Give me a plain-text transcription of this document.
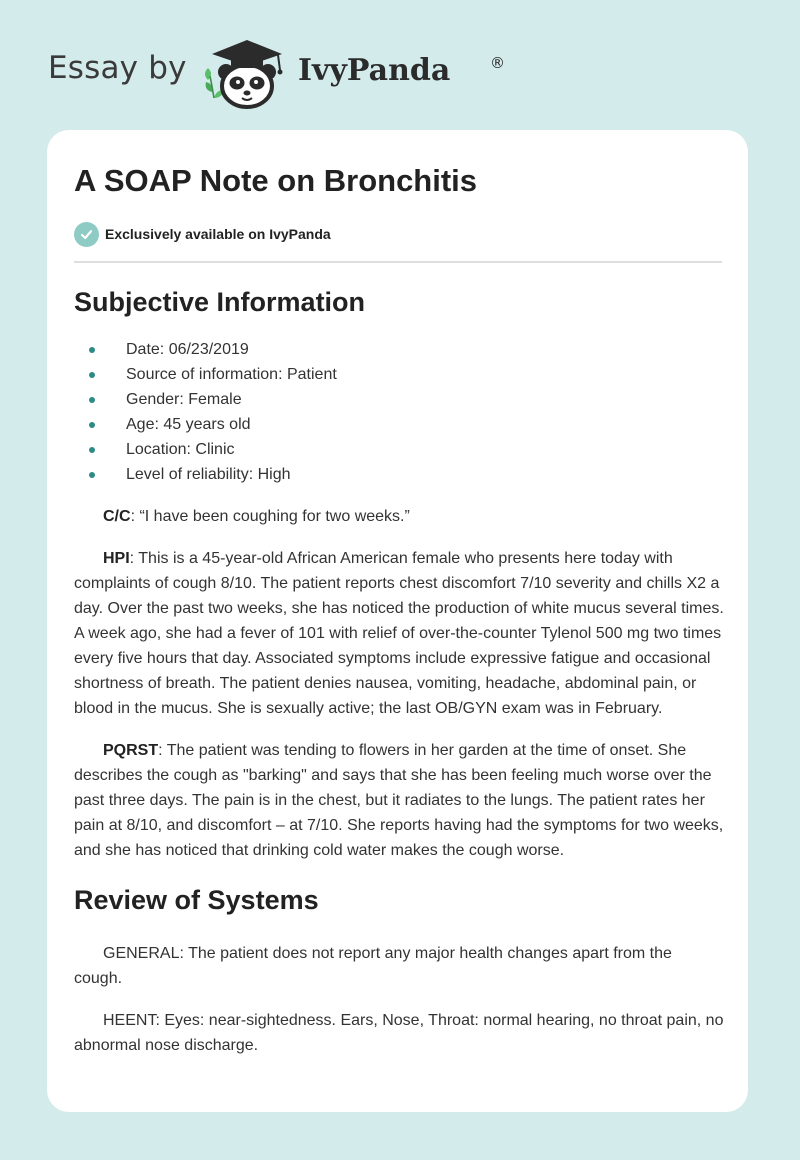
Essay by	IvyPanda	®
A SOAP Note on Bronchitis
Exclusively available on IvyPanda
Subjective Information
Date: 06/23/2019
Source of information: Patient
Gender: Female
Age: 45 years old
Location: Clinic
Level of reliability: High

C/C: “I have been coughing for two weeks.”

HPI: This is a 45-year-old African American female who presents here today with complaints of cough 8/10. The patient reports chest discomfort 7/10 severity and chills X2 a day. Over the past two weeks, she has noticed the production of white mucus several times. A week ago, she had a fever of 101 with relief of over-the-counter Tylenol 500 mg two times every five hours that day. Associated symptoms include expressive fatigue and occasional shortness of breath. The patient denies nausea, vomiting, headache, abdominal pain, or blood in the mucus. She is sexually active; the last OB/GYN exam was in February.

PQRST: The patient was tending to flowers in her garden at the time of onset. She describes the cough as "barking" and says that she has been feeling much worse over the past three days. The pain is in the chest, but it radiates to the lungs. The patient rates her pain at 8/10, and discomfort – at 7/10. She reports having had the symptoms for two weeks, and she has noticed that drinking cold water makes the cough worse.

Review of Systems

GENERAL: The patient does not report any major health changes apart from the cough.

HEENT: Eyes: near-sightedness. Ears, Nose, Throat: normal hearing, no throat pain, no abnormal nose discharge.
